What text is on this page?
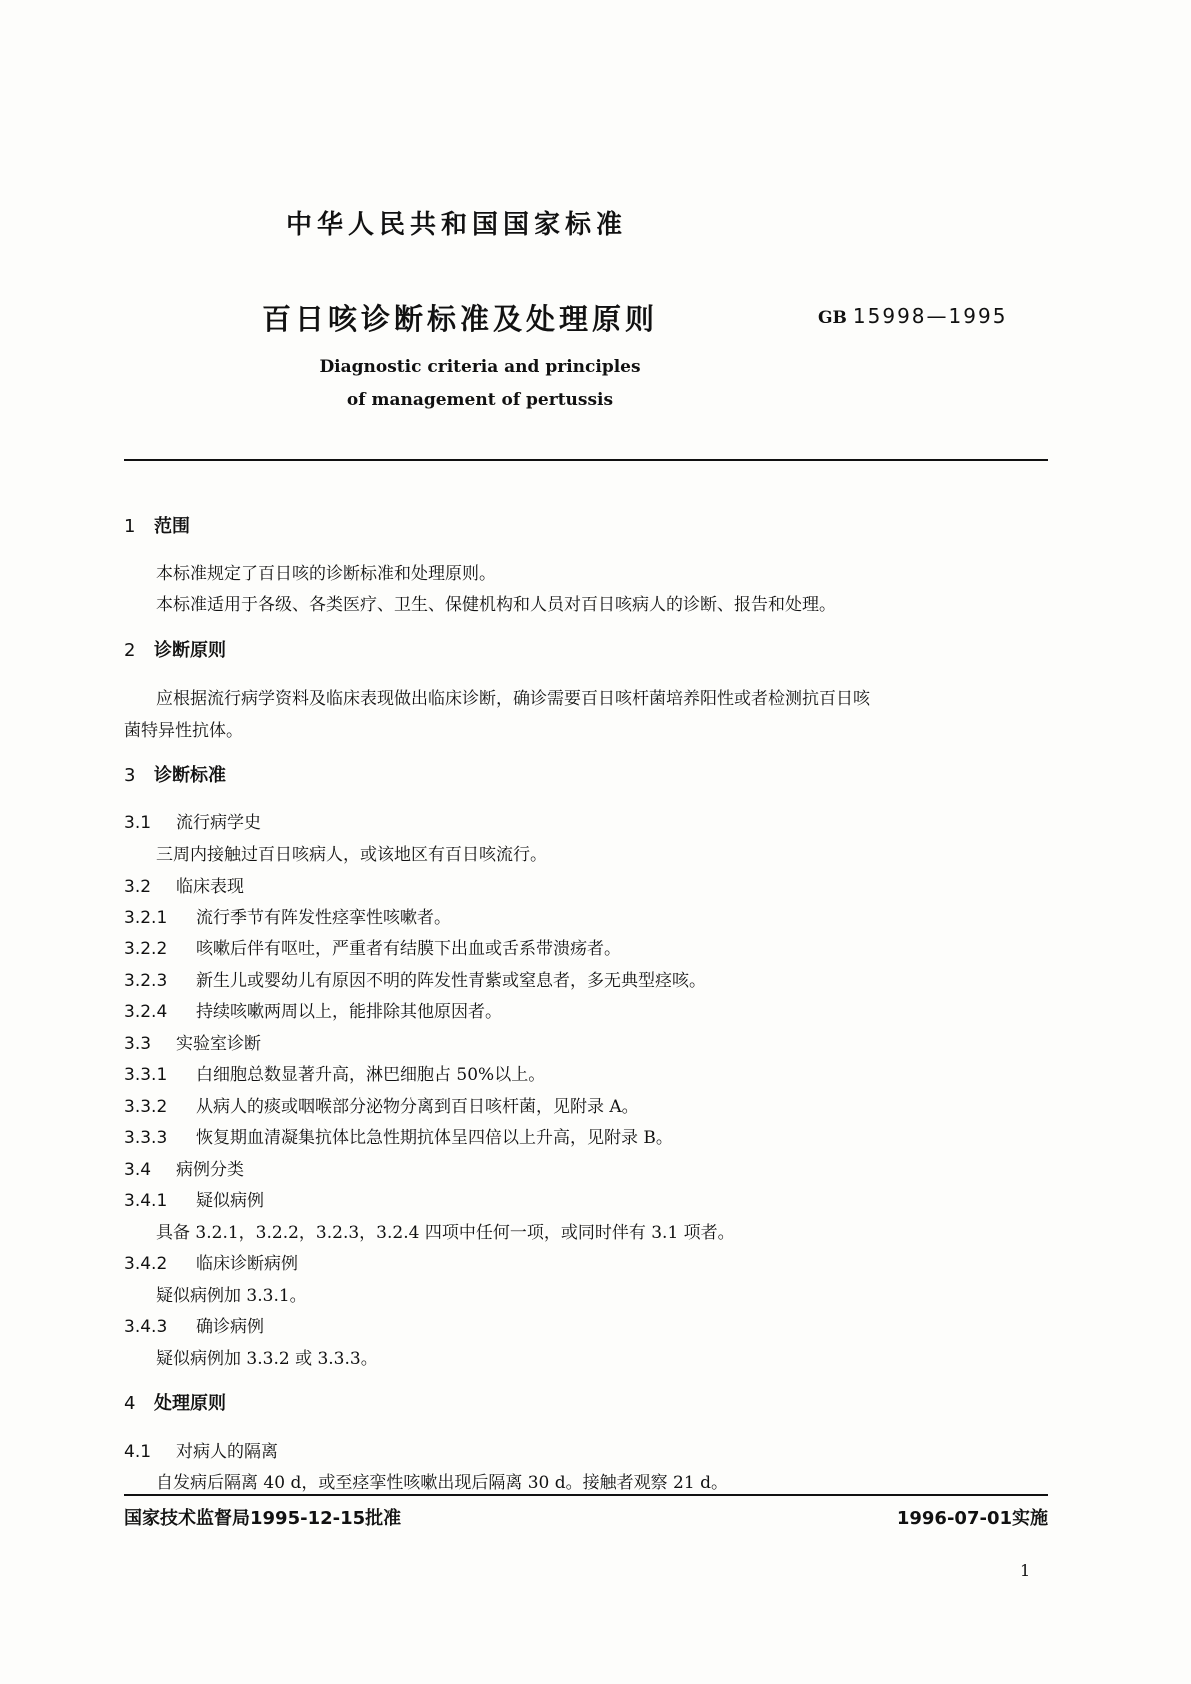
中华人民共和国国家标准
百日咳诊断标准及处理原则	GB 15998—1995
Diagnostic criteria and principles
of management of pertussis
1 范围
本标准规定了百日咳的诊断标准和处理原则。
本标准适用于各级、各类医疗、卫生、保健机构和人员对百日咳病人的诊断、报告和处理。
2 诊断原则
应根据流行病学资料及临床表现做出临床诊断，确诊需要百日咳杆菌培养阳性或者检测抗百日咳
菌特异性抗体。
3 诊断标准
3.1 流行病学史
三周内接触过百日咳病人，或该地区有百日咳流行。
3.2 临床表现
3.2.1 流行季节有阵发性痉挛性咳嗽者。
3.2.2 咳嗽后伴有呕吐，严重者有结膜下出血或舌系带溃疡者。
3.2.3 新生儿或婴幼儿有原因不明的阵发性青紫或窒息者，多无典型痉咳。
3.2.4 持续咳嗽两周以上，能排除其他原因者。
3.3 实验室诊断
3.3.1 白细胞总数显著升高，淋巴细胞占 50%以上。
3.3.2 从病人的痰或咽喉部分泌物分离到百日咳杆菌，见附录 A。
3.3.3 恢复期血清凝集抗体比急性期抗体呈四倍以上升高，见附录 B。
3.4 病例分类
3.4.1 疑似病例
具备 3.2.1，3.2.2，3.2.3，3.2.4 四项中任何一项，或同时伴有 3.1 项者。
3.4.2 临床诊断病例
疑似病例加 3.3.1。
3.4.3 确诊病例
疑似病例加 3.3.2 或 3.3.3。
4 处理原则
4.1 对病人的隔离
自发病后隔离 40 d，或至痉挛性咳嗽出现后隔离 30 d。接触者观察 21 d。
国家技术监督局1995-12-15批准	1996-07-01实施
1
